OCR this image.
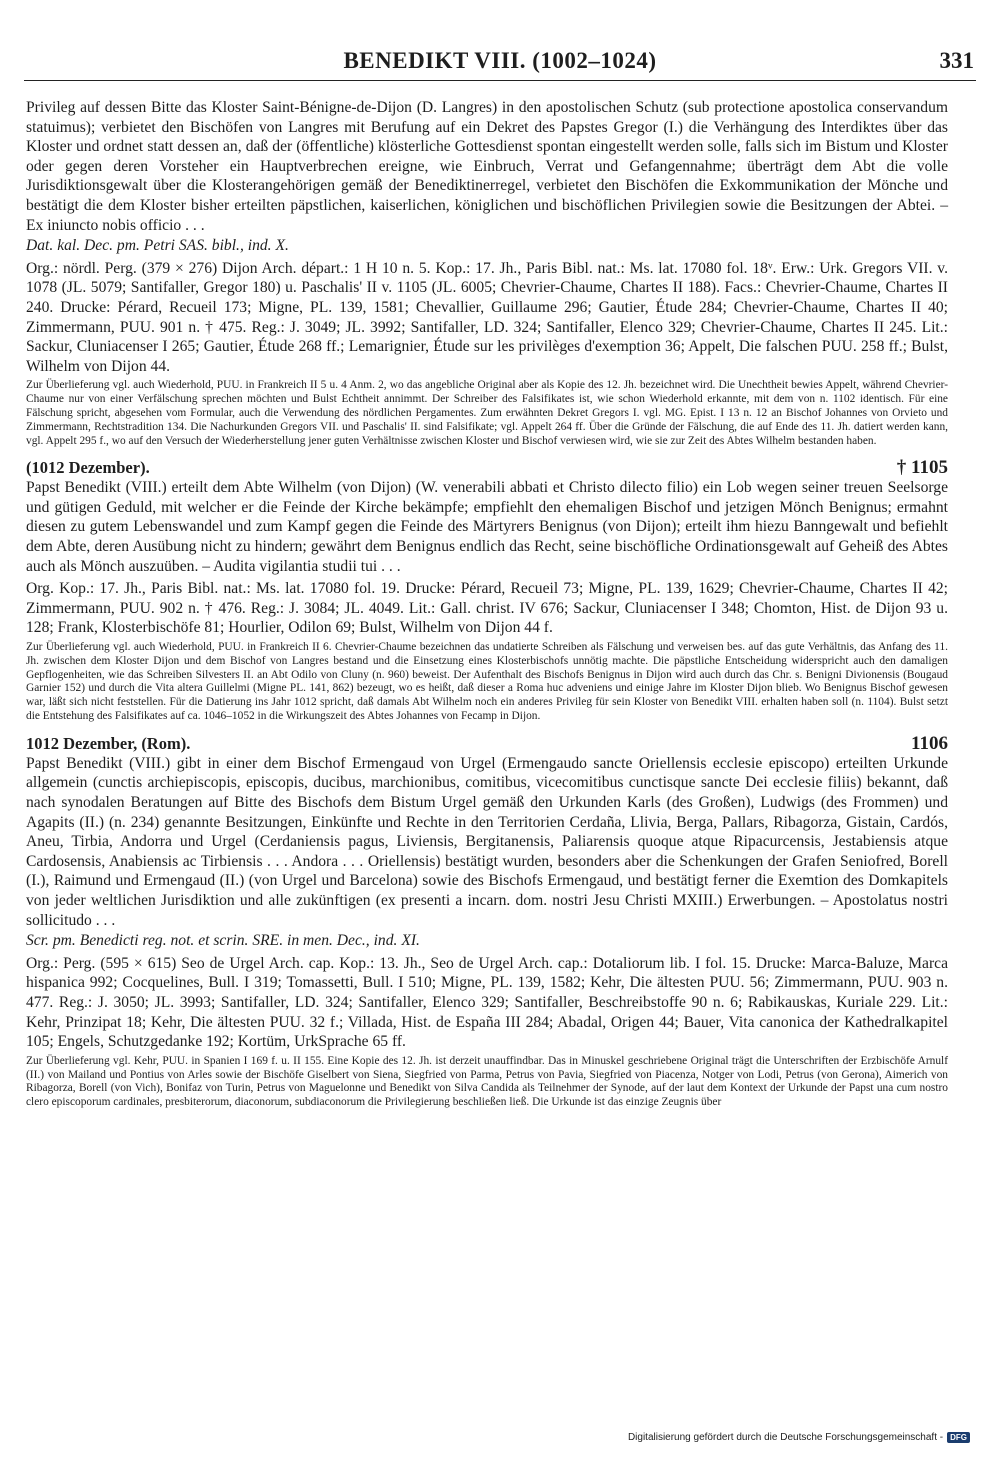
BENEDIKT VIII. (1002–1024)	331

Privileg auf dessen Bitte das Kloster Saint-Bénigne-de-Dijon (D. Langres) in den apostolischen Schutz (sub protectione apostolica conservandum statuimus); verbietet den Bischöfen von Langres mit Berufung auf ein Dekret des Papstes Gregor (I.) die Verhängung des Interdiktes über das Kloster und ordnet statt dessen an, daß der (öffentliche) klösterliche Gottesdienst spontan eingestellt werden solle, falls sich im Bistum und Kloster oder gegen deren Vorsteher ein Hauptverbrechen ereigne, wie Einbruch, Verrat und Gefangennahme; überträgt dem Abt die volle Jurisdiktionsgewalt über die Klosterangehörigen gemäß der Benediktinerregel, verbietet den Bischöfen die Exkommunikation der Mönche und bestätigt die dem Kloster bisher erteilten päpstlichen, kaiserlichen, königlichen und bischöflichen Privilegien sowie die Besitzungen der Abtei. – Ex iniuncto nobis officio . . .

Dat. kal. Dec. pm. Petri SAS. bibl., ind. X.

Org.: nördl. Perg. (379 × 276) Dijon Arch. départ.: 1 H 10 n. 5. Kop.: 17. Jh., Paris Bibl. nat.: Ms. lat. 17080 fol. 18ᵛ. Erw.: Urk. Gregors VII. v. 1078 (JL. 5079; Santifaller, Gregor 180) u. Paschalis' II v. 1105 (JL. 6005; Chevrier-Chaume, Chartes II 188). Facs.: Chevrier-Chaume, Chartes II 240. Drucke: Pérard, Recueil 173; Migne, PL. 139, 1581; Chevallier, Guillaume 296; Gautier, Étude 284; Chevrier-Chaume, Chartes II 40; Zimmermann, PUU. 901 n. † 475. Reg.: J. 3049; JL. 3992; Santifaller, LD. 324; Santifaller, Elenco 329; Chevrier-Chaume, Chartes II 245. Lit.: Sackur, Cluniacenser I 265; Gautier, Étude 268 ff.; Lemarignier, Étude sur les privilèges d'exemption 36; Appelt, Die falschen PUU. 258 ff.; Bulst, Wilhelm von Dijon 44.

Zur Überlieferung vgl. auch Wiederhold, PUU. in Frankreich II 5 u. 4 Anm. 2, wo das angebliche Original aber als Kopie des 12. Jh. bezeichnet wird. Die Unechtheit bewies Appelt, während Chevrier-Chaume nur von einer Verfälschung sprechen möchten und Bulst Echtheit annimmt. Der Schreiber des Falsifikates ist, wie schon Wiederhold erkannte, mit dem von n. 1102 identisch. Für eine Fälschung spricht, abgesehen vom Formular, auch die Verwendung des nördlichen Pergamentes. Zum erwähnten Dekret Gregors I. vgl. MG. Epist. I 13 n. 12 an Bischof Johannes von Orvieto und Zimmermann, Rechtstradition 134. Die Nachurkunden Gregors VII. und Paschalis' II. sind Falsifikate; vgl. Appelt 264 ff. Über die Gründe der Fälschung, die auf Ende des 11. Jh. datiert werden kann, vgl. Appelt 295 f., wo auf den Versuch der Wiederherstellung jener guten Verhältnisse zwischen Kloster und Bischof verwiesen wird, wie sie zur Zeit des Abtes Wilhelm bestanden haben.

(1012 Dezember).	† 1105

Papst Benedikt (VIII.) erteilt dem Abte Wilhelm (von Dijon) (W. venerabili abbati et Christo dilecto filio) ein Lob wegen seiner treuen Seelsorge und gütigen Geduld, mit welcher er die Feinde der Kirche bekämpfe; empfiehlt den ehemaligen Bischof und jetzigen Mönch Benignus; ermahnt diesen zu gutem Lebenswandel und zum Kampf gegen die Feinde des Märtyrers Benignus (von Dijon); erteilt ihm hiezu Banngewalt und befiehlt dem Abte, deren Ausübung nicht zu hindern; gewährt dem Benignus endlich das Recht, seine bischöfliche Ordinationsgewalt auf Geheiß des Abtes auch als Mönch auszuüben. – Audita vigilantia studii tui . . .

Org. Kop.: 17. Jh., Paris Bibl. nat.: Ms. lat. 17080 fol. 19. Drucke: Pérard, Recueil 73; Migne, PL. 139, 1629; Chevrier-Chaume, Chartes II 42; Zimmermann, PUU. 902 n. † 476. Reg.: J. 3084; JL. 4049. Lit.: Gall. christ. IV 676; Sackur, Cluniacenser I 348; Chomton, Hist. de Dijon 93 u. 128; Frank, Klosterbischöfe 81; Hourlier, Odilon 69; Bulst, Wilhelm von Dijon 44 f.

Zur Überlieferung vgl. auch Wiederhold, PUU. in Frankreich II 6. Chevrier-Chaume bezeichnen das undatierte Schreiben als Fälschung und verweisen bes. auf das gute Verhältnis, das Anfang des 11. Jh. zwischen dem Kloster Dijon und dem Bischof von Langres bestand und die Einsetzung eines Klosterbischofs unnötig machte. Die päpstliche Entscheidung widerspricht auch den damaligen Gepflogenheiten, wie das Schreiben Silvesters II. an Abt Odilo von Cluny (n. 960) beweist. Der Aufenthalt des Bischofs Benignus in Dijon wird auch durch das Chr. s. Benigni Divionensis (Bougaud Garnier 152) und durch die Vita altera Guillelmi (Migne PL. 141, 862) bezeugt, wo es heißt, daß dieser a Roma huc adveniens und einige Jahre im Kloster Dijon blieb. Wo Benignus Bischof gewesen war, läßt sich nicht feststellen. Für die Datierung ins Jahr 1012 spricht, daß damals Abt Wilhelm noch ein anderes Privileg für sein Kloster von Benedikt VIII. erhalten haben soll (n. 1104). Bulst setzt die Entstehung des Falsifikates auf ca. 1046–1052 in die Wirkungszeit des Abtes Johannes von Fecamp in Dijon.

1012 Dezember, (Rom).	1106

Papst Benedikt (VIII.) gibt in einer dem Bischof Ermengaud von Urgel (Ermengaudo sancte Oriellensis ecclesie episcopo) erteilten Urkunde allgemein (cunctis archiepiscopis, episcopis, ducibus, marchionibus, comitibus, vicecomitibus cunctisque sancte Dei ecclesie filiis) bekannt, daß nach synodalen Beratungen auf Bitte des Bischofs dem Bistum Urgel gemäß den Urkunden Karls (des Großen), Ludwigs (des Frommen) und Agapits (II.) (n. 234) genannte Besitzungen, Einkünfte und Rechte in den Territorien Cerdaña, Llivia, Berga, Pallars, Ribagorza, Gistain, Cardós, Aneu, Tirbia, Andorra und Urgel (Cerdaniensis pagus, Liviensis, Bergitanensis, Paliarensis quoque atque Ripacurcensis, Jestabiensis atque Cardosensis, Anabiensis ac Tirbiensis . . . Andora . . . Oriellensis) bestätigt wurden, besonders aber die Schenkungen der Grafen Seniofred, Borell (I.), Raimund und Ermengaud (II.) (von Urgel und Barcelona) sowie des Bischofs Ermengaud, und bestätigt ferner die Exemtion des Domkapitels von jeder weltlichen Jurisdiktion und alle zukünftigen (ex presenti a incarn. dom. nostri Jesu Christi MXIII.) Erwerbungen. – Apostolatus nostri sollicitudo . . .

Scr. pm. Benedicti reg. not. et scrin. SRE. in men. Dec., ind. XI.

Org.: Perg. (595 × 615) Seo de Urgel Arch. cap. Kop.: 13. Jh., Seo de Urgel Arch. cap.: Dotaliorum lib. I fol. 15. Drucke: Marca-Baluze, Marca hispanica 992; Cocquelines, Bull. I 319; Tomassetti, Bull. I 510; Migne, PL. 139, 1582; Kehr, Die ältesten PUU. 56; Zimmermann, PUU. 903 n. 477. Reg.: J. 3050; JL. 3993; Santifaller, LD. 324; Santifaller, Elenco 329; Santifaller, Beschreibstoffe 90 n. 6; Rabikauskas, Kuriale 229. Lit.: Kehr, Prinzipat 18; Kehr, Die ältesten PUU. 32 f.; Villada, Hist. de España III 284; Abadal, Origen 44; Bauer, Vita canonica der Kathedralkapitel 105; Engels, Schutzgedanke 192; Kortüm, UrkSprache 65 ff.

Zur Überlieferung vgl. Kehr, PUU. in Spanien I 169 f. u. II 155. Eine Kopie des 12. Jh. ist derzeit unauffindbar. Das in Minuskel geschriebene Original trägt die Unterschriften der Erzbischöfe Arnulf (II.) von Mailand und Pontius von Arles sowie der Bischöfe Giselbert von Siena, Siegfried von Parma, Petrus von Pavia, Siegfried von Piacenza, Notger von Lodi, Petrus (von Gerona), Aimerich von Ribagorza, Borell (von Vich), Bonifaz von Turin, Petrus von Maguelonne und Benedikt von Silva Candida als Teilnehmer der Synode, auf der laut dem Kontext der Urkunde der Papst una cum nostro clero episcoporum cardinales, presbiterorum, diaconorum, subdiaconorum die Privilegierung beschließen ließ. Die Urkunde ist das einzige Zeugnis über

Digitalisierung gefördert durch die Deutsche Forschungsgemeinschaft - DFG
